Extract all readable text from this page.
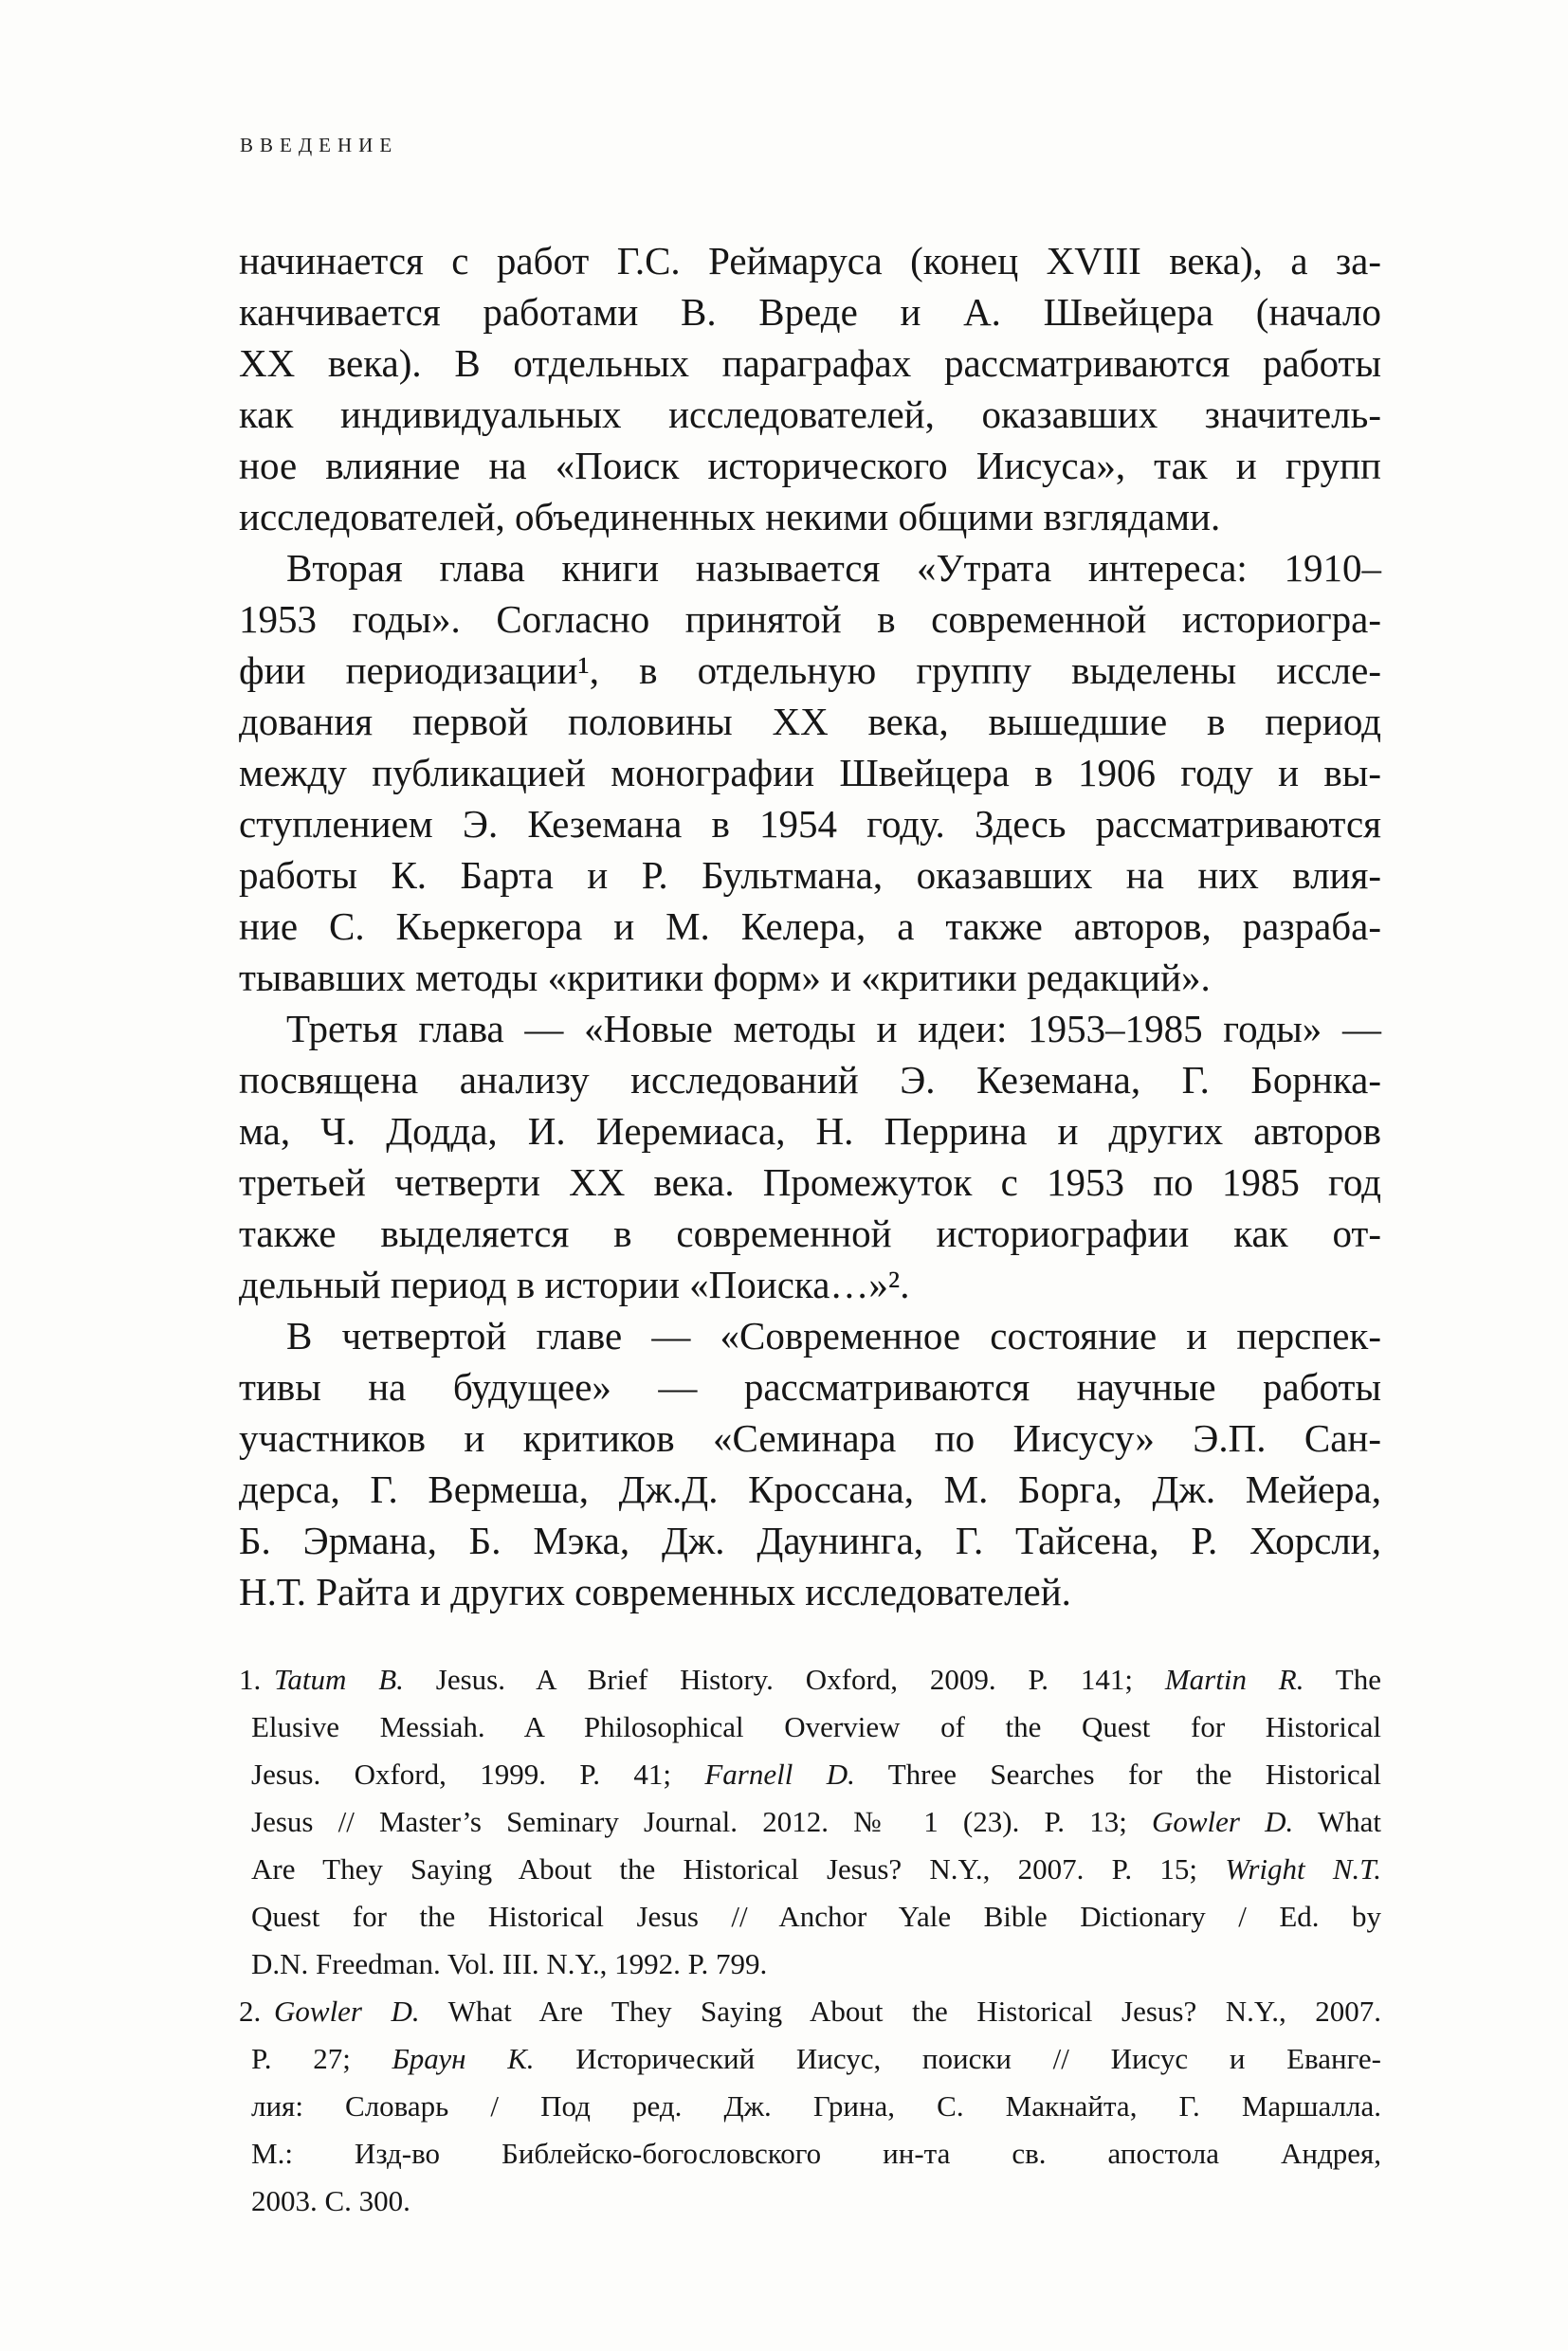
ВВЕДЕНИЕ
начинается с работ Г.С. Реймаруса (конец XVIII века), а за-
канчивается работами В. Вреде и А. Швейцера (начало
XX века). В отдельных параграфах рассматриваются работы
как индивидуальных исследователей, оказавших значитель-
ное влияние на «Поиск исторического Иисуса», так и групп
исследователей, объединенных некими общими взглядами.
Вторая глава книги называется «Утрата интереса: 1910–
1953 годы». Согласно принятой в современной историогра-
фии периодизации¹, в отдельную группу выделены иссле-
дования первой половины XX века, вышедшие в период
между публикацией монографии Швейцера в 1906 году и вы-
ступлением Э. Кеземана в 1954 году. Здесь рассматриваются
работы К. Барта и Р. Бультмана, оказавших на них влия-
ние С. Кьеркегора и М. Келера, а также авторов, разраба-
тывавших методы «критики форм» и «критики редакций».
Третья глава — «Новые методы и идеи: 1953–1985 годы» —
посвящена анализу исследований Э. Кеземана, Г. Борнка-
ма, Ч. Додда, И. Иеремиаса, Н. Перрина и других авторов
третьей четверти XX века. Промежуток с 1953 по 1985 год
также выделяется в современной историографии как от-
дельный период в истории «Поиска…»².
В четвертой главе — «Современное состояние и перспек-
тивы на будущее» — рассматриваются научные работы
участников и критиков «Семинара по Иисусу» Э.П. Сан-
дерса, Г. Вермеша, Дж.Д. Кроссана, М. Борга, Дж. Мейера,
Б. Эрмана, Б. Мэка, Дж. Даунинга, Г. Тайсена, Р. Хорсли,
Н.Т. Райта и других современных исследователей.
1. Tatum B. Jesus. A Brief History. Oxford, 2009. P. 141; Martin R. The
Elusive Messiah. A Philosophical Overview of the Quest for Historical
Jesus. Oxford, 1999. P. 41; Farnell D. Three Searches for the Historical
Jesus // Master’s Seminary Journal. 2012. № 1 (23). P. 13; Gowler D. What
Are They Saying About the Historical Jesus? N.Y., 2007. P. 15; Wright N.T.
Quest for the Historical Jesus // Anchor Yale Bible Dictionary / Ed. by
D.N. Freedman. Vol. III. N.Y., 1992. P. 799.
2. Gowler D. What Are They Saying About the Historical Jesus? N.Y., 2007.
P. 27; Браун К. Исторический Иисус, поиски // Иисус и Еванге-
лия: Словарь / Под ред. Дж. Грина, С. Макнайта, Г. Маршалла.
М.: Изд-во Библейско-богословского ин-та св. апостола Андрея,
2003. С. 300.
